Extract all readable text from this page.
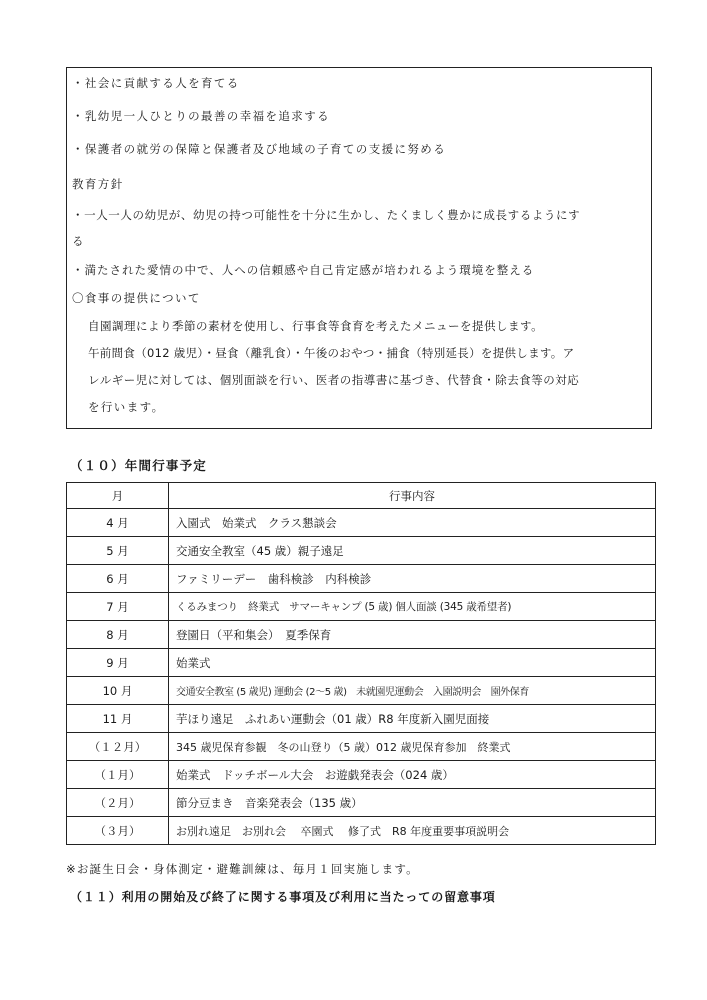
・社会に貢献する人を育てる
・乳幼児一人ひとりの最善の幸福を追求する
・保護者の就労の保障と保護者及び地域の子育ての支援に努める
教育方針
・一人一人の幼児が、幼児の持つ可能性を十分に生かし、たくましく豊かに成長するようにす
る
・満たされた愛情の中で、人への信頼感や自己肯定感が培われるよう環境を整える
〇食事の提供について
自園調理により季節の素材を使用し、行事食等食育を考えたメニューを提供します。
午前間食（012 歳児）・昼食（離乳食）・午後のおやつ・捕食（特別延長）を提供します。ア
レルギー児に対しては、個別面談を行い、医者の指導書に基づき、代替食・除去食等の対応
を行います。
（１０）年間行事予定
月	行事内容
4 月	入園式　始業式　クラス懇談会
5 月	交通安全教室（45 歳）親子遠足
6 月	ファミリーデー　歯科検診　内科検診
7 月	くるみまつり　終業式　サマーキャンプ (5 歳) 個人面談 (345 歳希望者)
8 月	登園日（平和集会）　夏季保育
9 月	始業式
10 月	交通安全教室 (5 歳児) 運動会 (2〜5 歳)　未就園児運動会　入園説明会　園外保育
11 月	芋ほり遠足　ふれあい運動会（01 歳）R8 年度新入園児面接
（１２月）	345 歳児保育参観　冬の山登り（5 歳）012 歳児保育参加　終業式
（１月）	始業式　ドッチボール大会　お遊戯発表会（024 歳）
（２月）	節分豆まき　音楽発表会（135 歳）
（３月）	お別れ遠足　お別れ会　 卒園式　 修了式　R8 年度重要事項説明会
※お誕生日会・身体測定・避難訓練は、毎月１回実施します。
（１１）利用の開始及び終了に関する事項及び利用に当たっての留意事項
